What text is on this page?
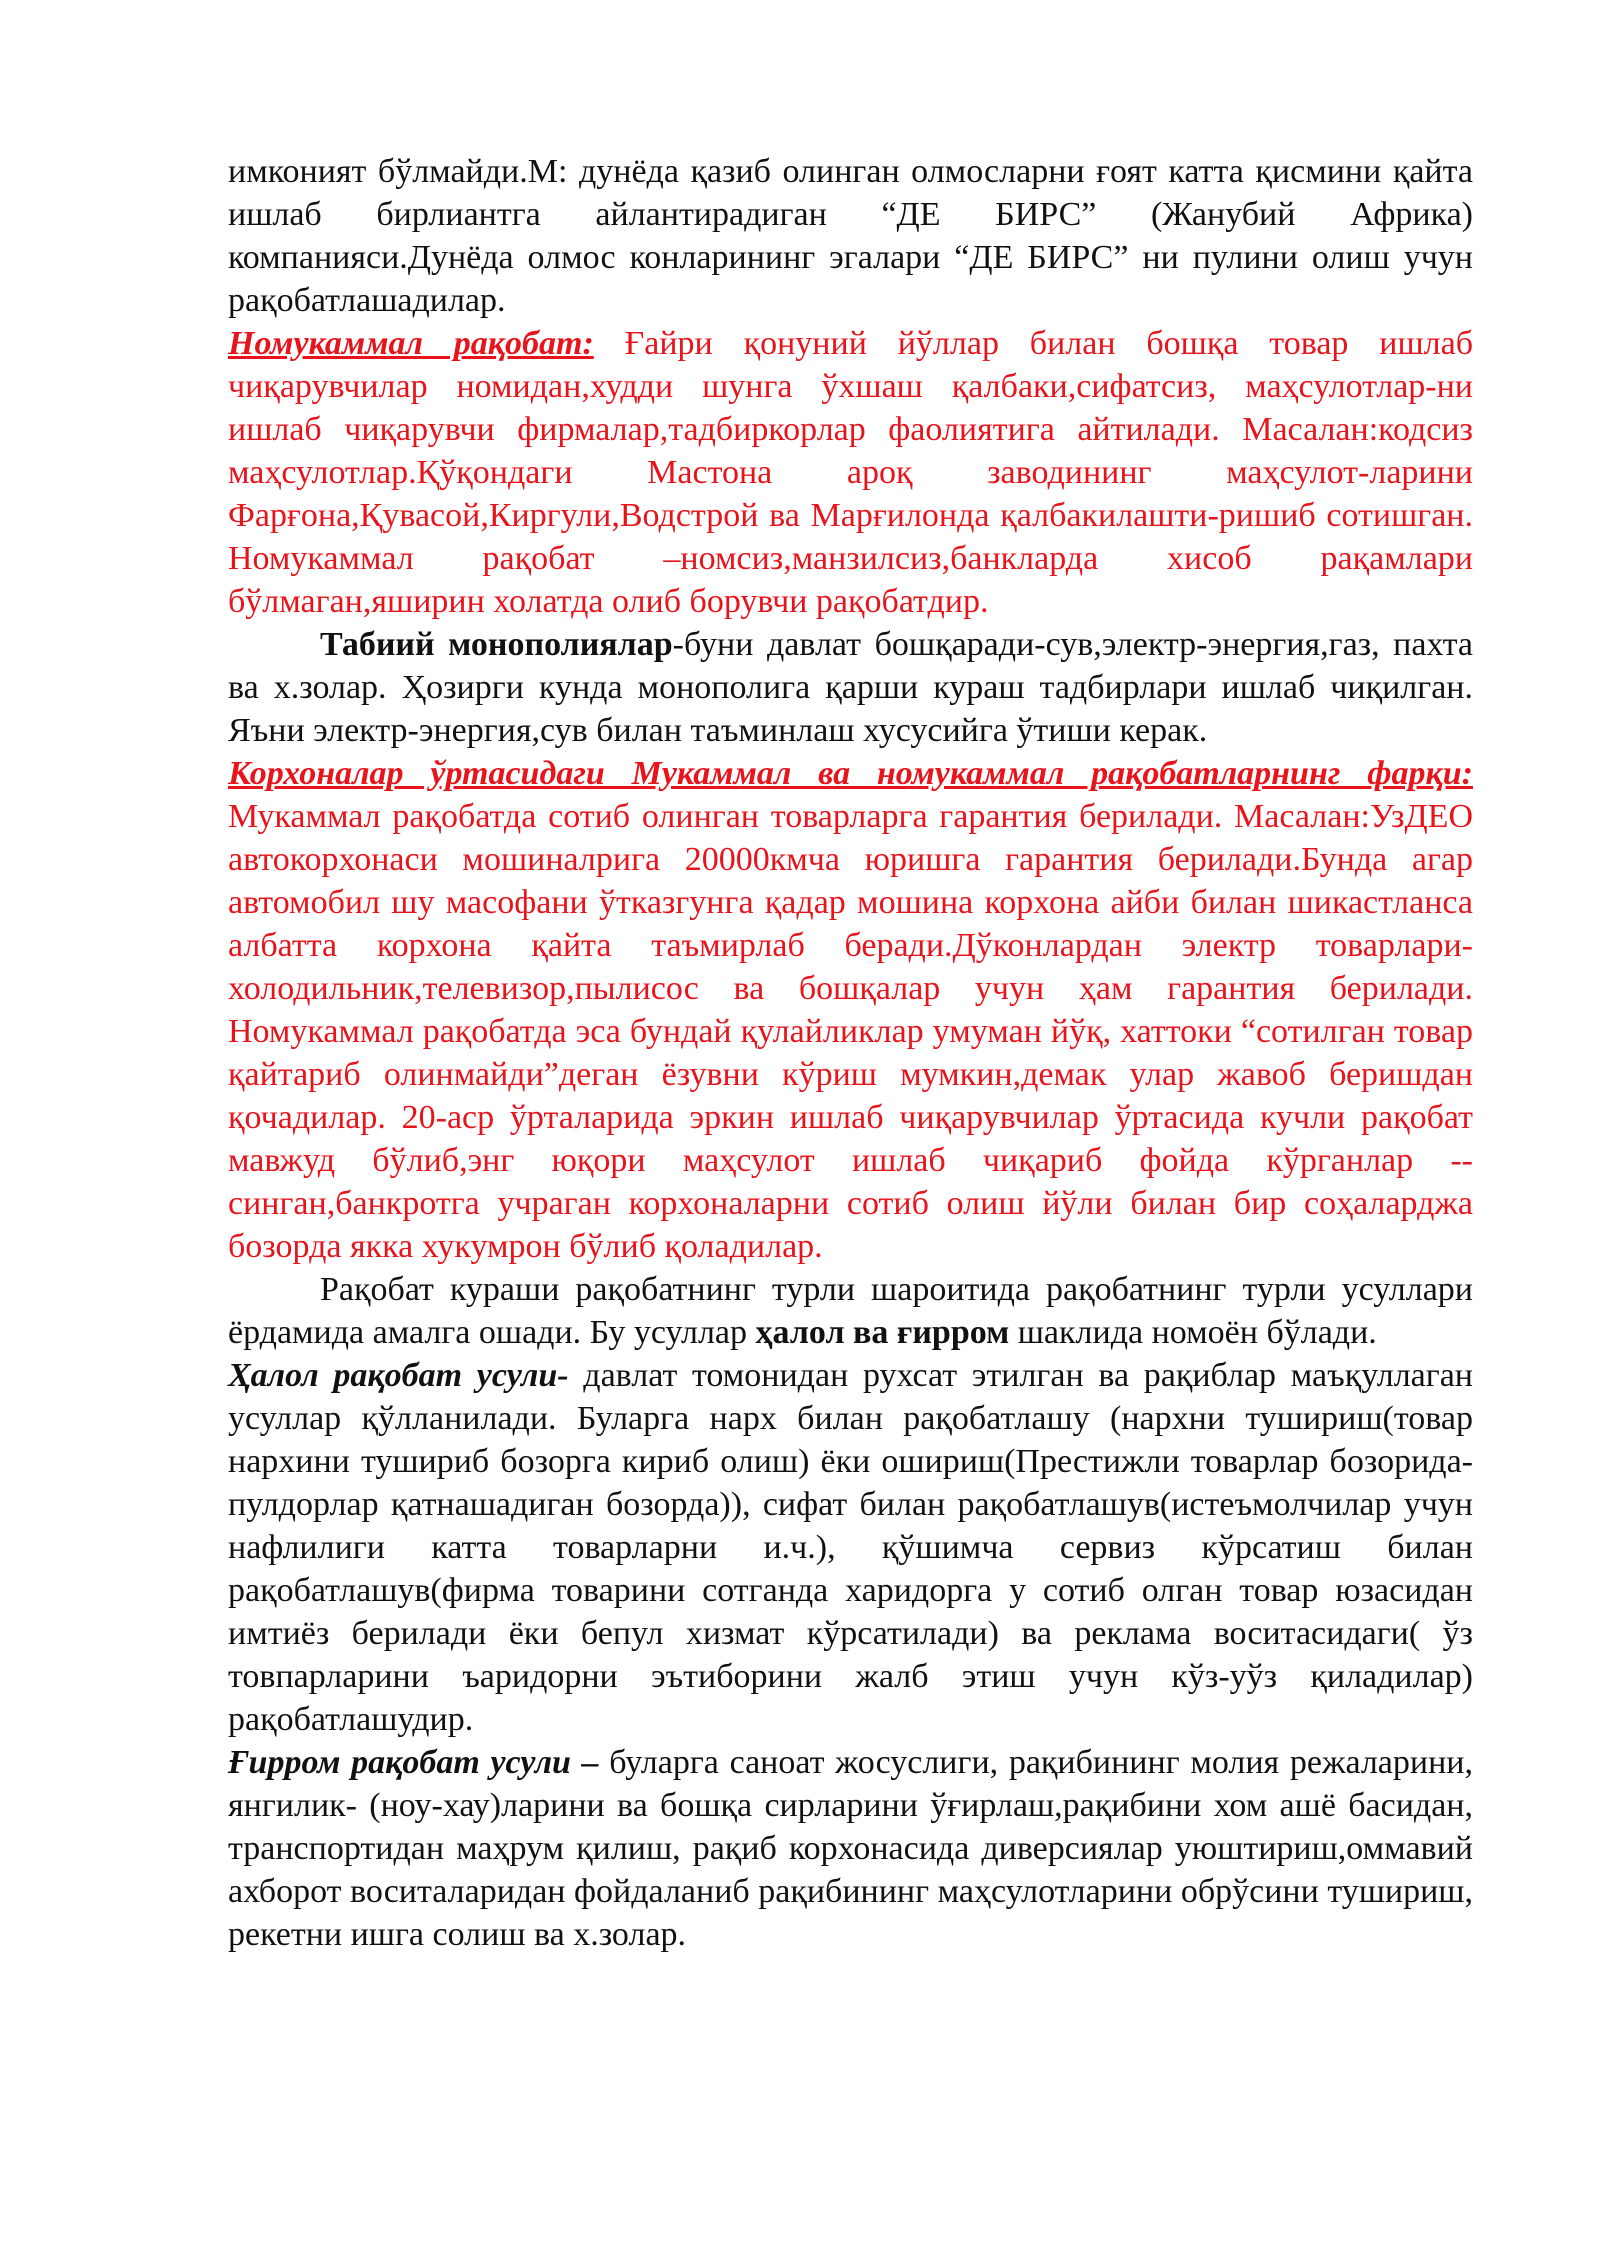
имконият бўлмайди.М: дунёда қазиб олинган олмосларни ғоят катта қисмини қайта ишлаб бирлиантга айлантирадиган “ДЕ БИРС” (Жанубий Африка) компанияси.Дунёда олмос конларининг эгалари “ДЕ БИРС” ни пулини олиш учун рақобатлашадилар.

Номукаммал рақобат: Ғайри қонуний йўллар билан бошқа товар ишлаб чиқарувчилар номидан,худди шунга ўхшаш қалбаки,сифатсиз, маҳсулотлар-ни ишлаб чиқарувчи фирмалар,тадбиркорлар фаолиятига айтилади. Масалан:кодсиз маҳсулотлар.Қўқондаги Мастона ароқ заводининг маҳсулот-ларини Фарғона,Қувасой,Киргули,Водстрой ва Марғилонда қалбакилашти-ришиб сотишган. Номукаммал рақобат –номсиз,манзилсиз,банкларда хисоб рақамлари бўлмаган,яширин холатда олиб борувчи рақобатдир.

Табиий монополиялар-буни давлат бошқаради-сув,электр-энергия,газ, пахта ва х.золар. Ҳозирги кунда монополига қарши кураш тадбирлари ишлаб чиқилган. Яъни электр-энергия,сув билан таъминлаш хусусийга ўтиши керак.

Корхоналар ўртасидаги Мукаммал ва номукаммал рақобатларнинг фарқи: Мукаммал рақобатда сотиб олинган товарларга гарантия берилади. Масалан:УзДЕО автокорхонаси мошиналрига 20000кмча юришга гарантия берилади.Бунда агар автомобил шу масофани ўтказгунга қадар мошина корхона айби билан шикастланса албатта корхона қайта таъмирлаб беради.Дўконлардан электр товарлари-холодильник,телевизор,пылисос ва бошқалар учун ҳам гарантия берилади. Номукаммал рақобатда эса бундай қулайликлар умуман йўқ, хаттоки “сотилган товар қайтариб олинмайди”деган ёзувни кўриш мумкин,демак улар жавоб беришдан қочадилар. 20-аср ўрталарида эркин ишлаб чиқарувчилар ўртасида кучли рақобат мавжуд бўлиб,энг юқори маҳсулот ишлаб чиқариб фойда кўрганлар --синган,банкротга учраган корхоналарни сотиб олиш йўли билан бир соҳаларджа бозорда якка хукумрон бўлиб қоладилар.

Рақобат кураши рақобатнинг турли шароитида рақобатнинг турли усуллари ёрдамида амалга ошади. Бу усуллар ҳалол ва ғирром шаклида номоён бўлади.

Ҳалол рақобат усули- давлат томонидан рухсат этилган ва рақиблар маъқуллаган усуллар қўлланилади. Буларга нарх билан рақобатлашу (нархни тушириш(товар нархини тушириб бозорга кириб олиш) ёки ошириш(Престижли товарлар бозорида- пулдорлар қатнашадиган бозорда)), сифат билан рақобатлашув(истеъмолчилар учун нафлилиги катта товарларни и.ч.), қўшимча сервиз кўрсатиш билан рақобатлашув(фирма товарини сотганда харидорга у сотиб олган товар юзасидан имтиёз берилади ёки бепул хизмат кўрсатилади) ва реклама воситасидаги( ўз товпарларини ъаридорни эътиборини жалб этиш учун кўз-уўз қиладилар) рақобатлашудир.

Ғирром рақобат усули – буларга саноат жосуслиги, рақибининг молия режаларини, янгилик- (ноу-хау)ларини ва бошқа сирларини ўғирлаш,рақибини хом ашё басидан, транспортидан маҳрум қилиш, рақиб корхонасида диверсиялар уюштириш,оммавий ахборот воситаларидан фойдаланиб рақибининг маҳсулотларини обрўсини тушириш, рекетни ишга солиш ва х.золар.
